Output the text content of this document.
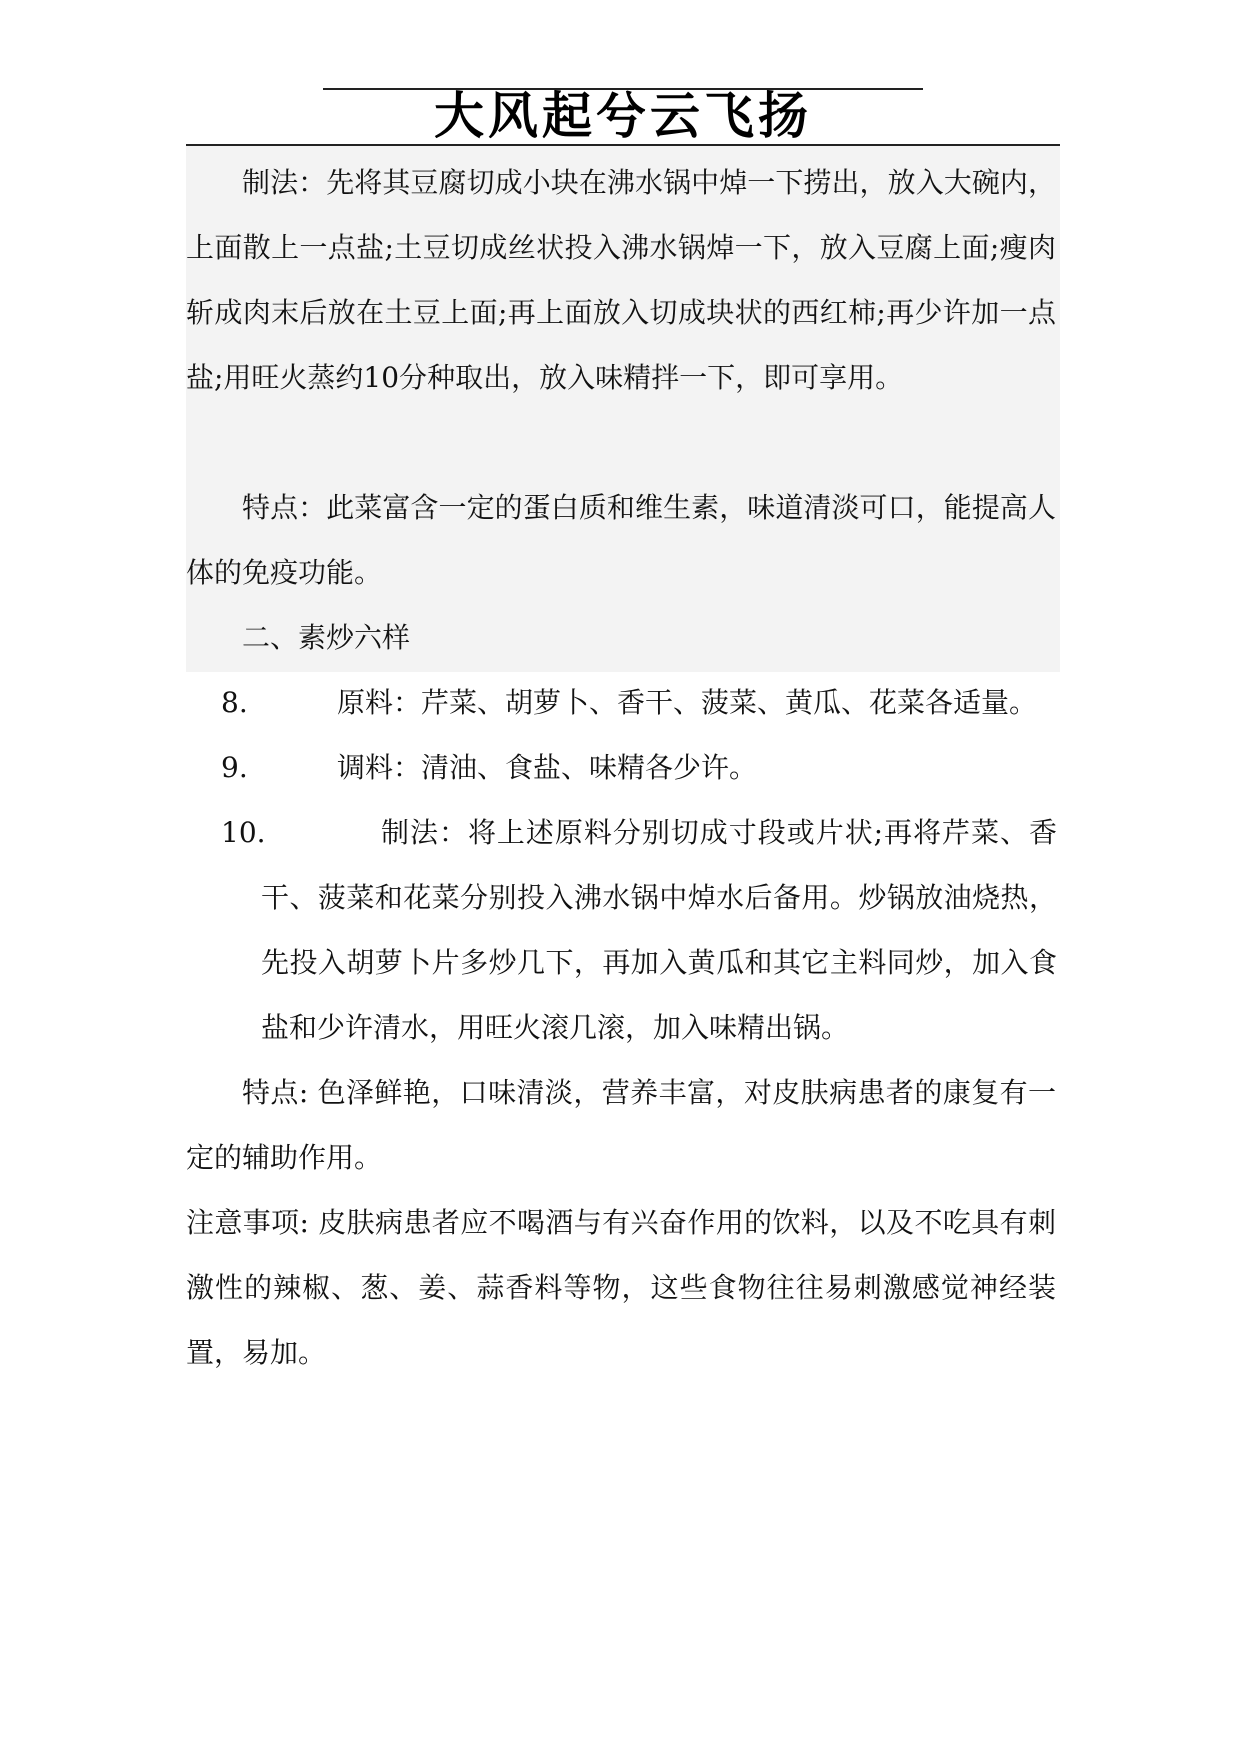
大风起兮云飞扬

制法：先将其豆腐切成小块在沸水锅中焯一下捞出，放入大碗内，上面散上一点盐;土豆切成丝状投入沸水锅焯一下，放入豆腐上面;瘦肉斩成肉末后放在土豆上面;再上面放入切成块状的西红柿;再少许加一点盐;用旺火蒸约10分种取出，放入味精拌一下，即可享用。

特点：此菜富含一定的蛋白质和维生素，味道清淡可口，能提高人体的免疫功能。

二、素炒六样

8.	原料：芹菜、胡萝卜、香干、菠菜、黄瓜、花菜各适量。

9.	调料：清油、食盐、味精各少许。

10.	制法：将上述原料分别切成寸段或片状;再将芹菜、香干、菠菜和花菜分别投入沸水锅中焯水后备用。炒锅放油烧热，先投入胡萝卜片多炒几下，再加入黄瓜和其它主料同炒，加入食盐和少许清水，用旺火滚几滚，加入味精出锅。

特点: 色泽鲜艳，口味清淡，营养丰富，对皮肤病患者的康复有一定的辅助作用。

注意事项: 皮肤病患者应不喝酒与有兴奋作用的饮料，以及不吃具有刺激性的辣椒、葱、姜、蒜香料等物，这些食物往往易刺激感觉神经装置，易加。
